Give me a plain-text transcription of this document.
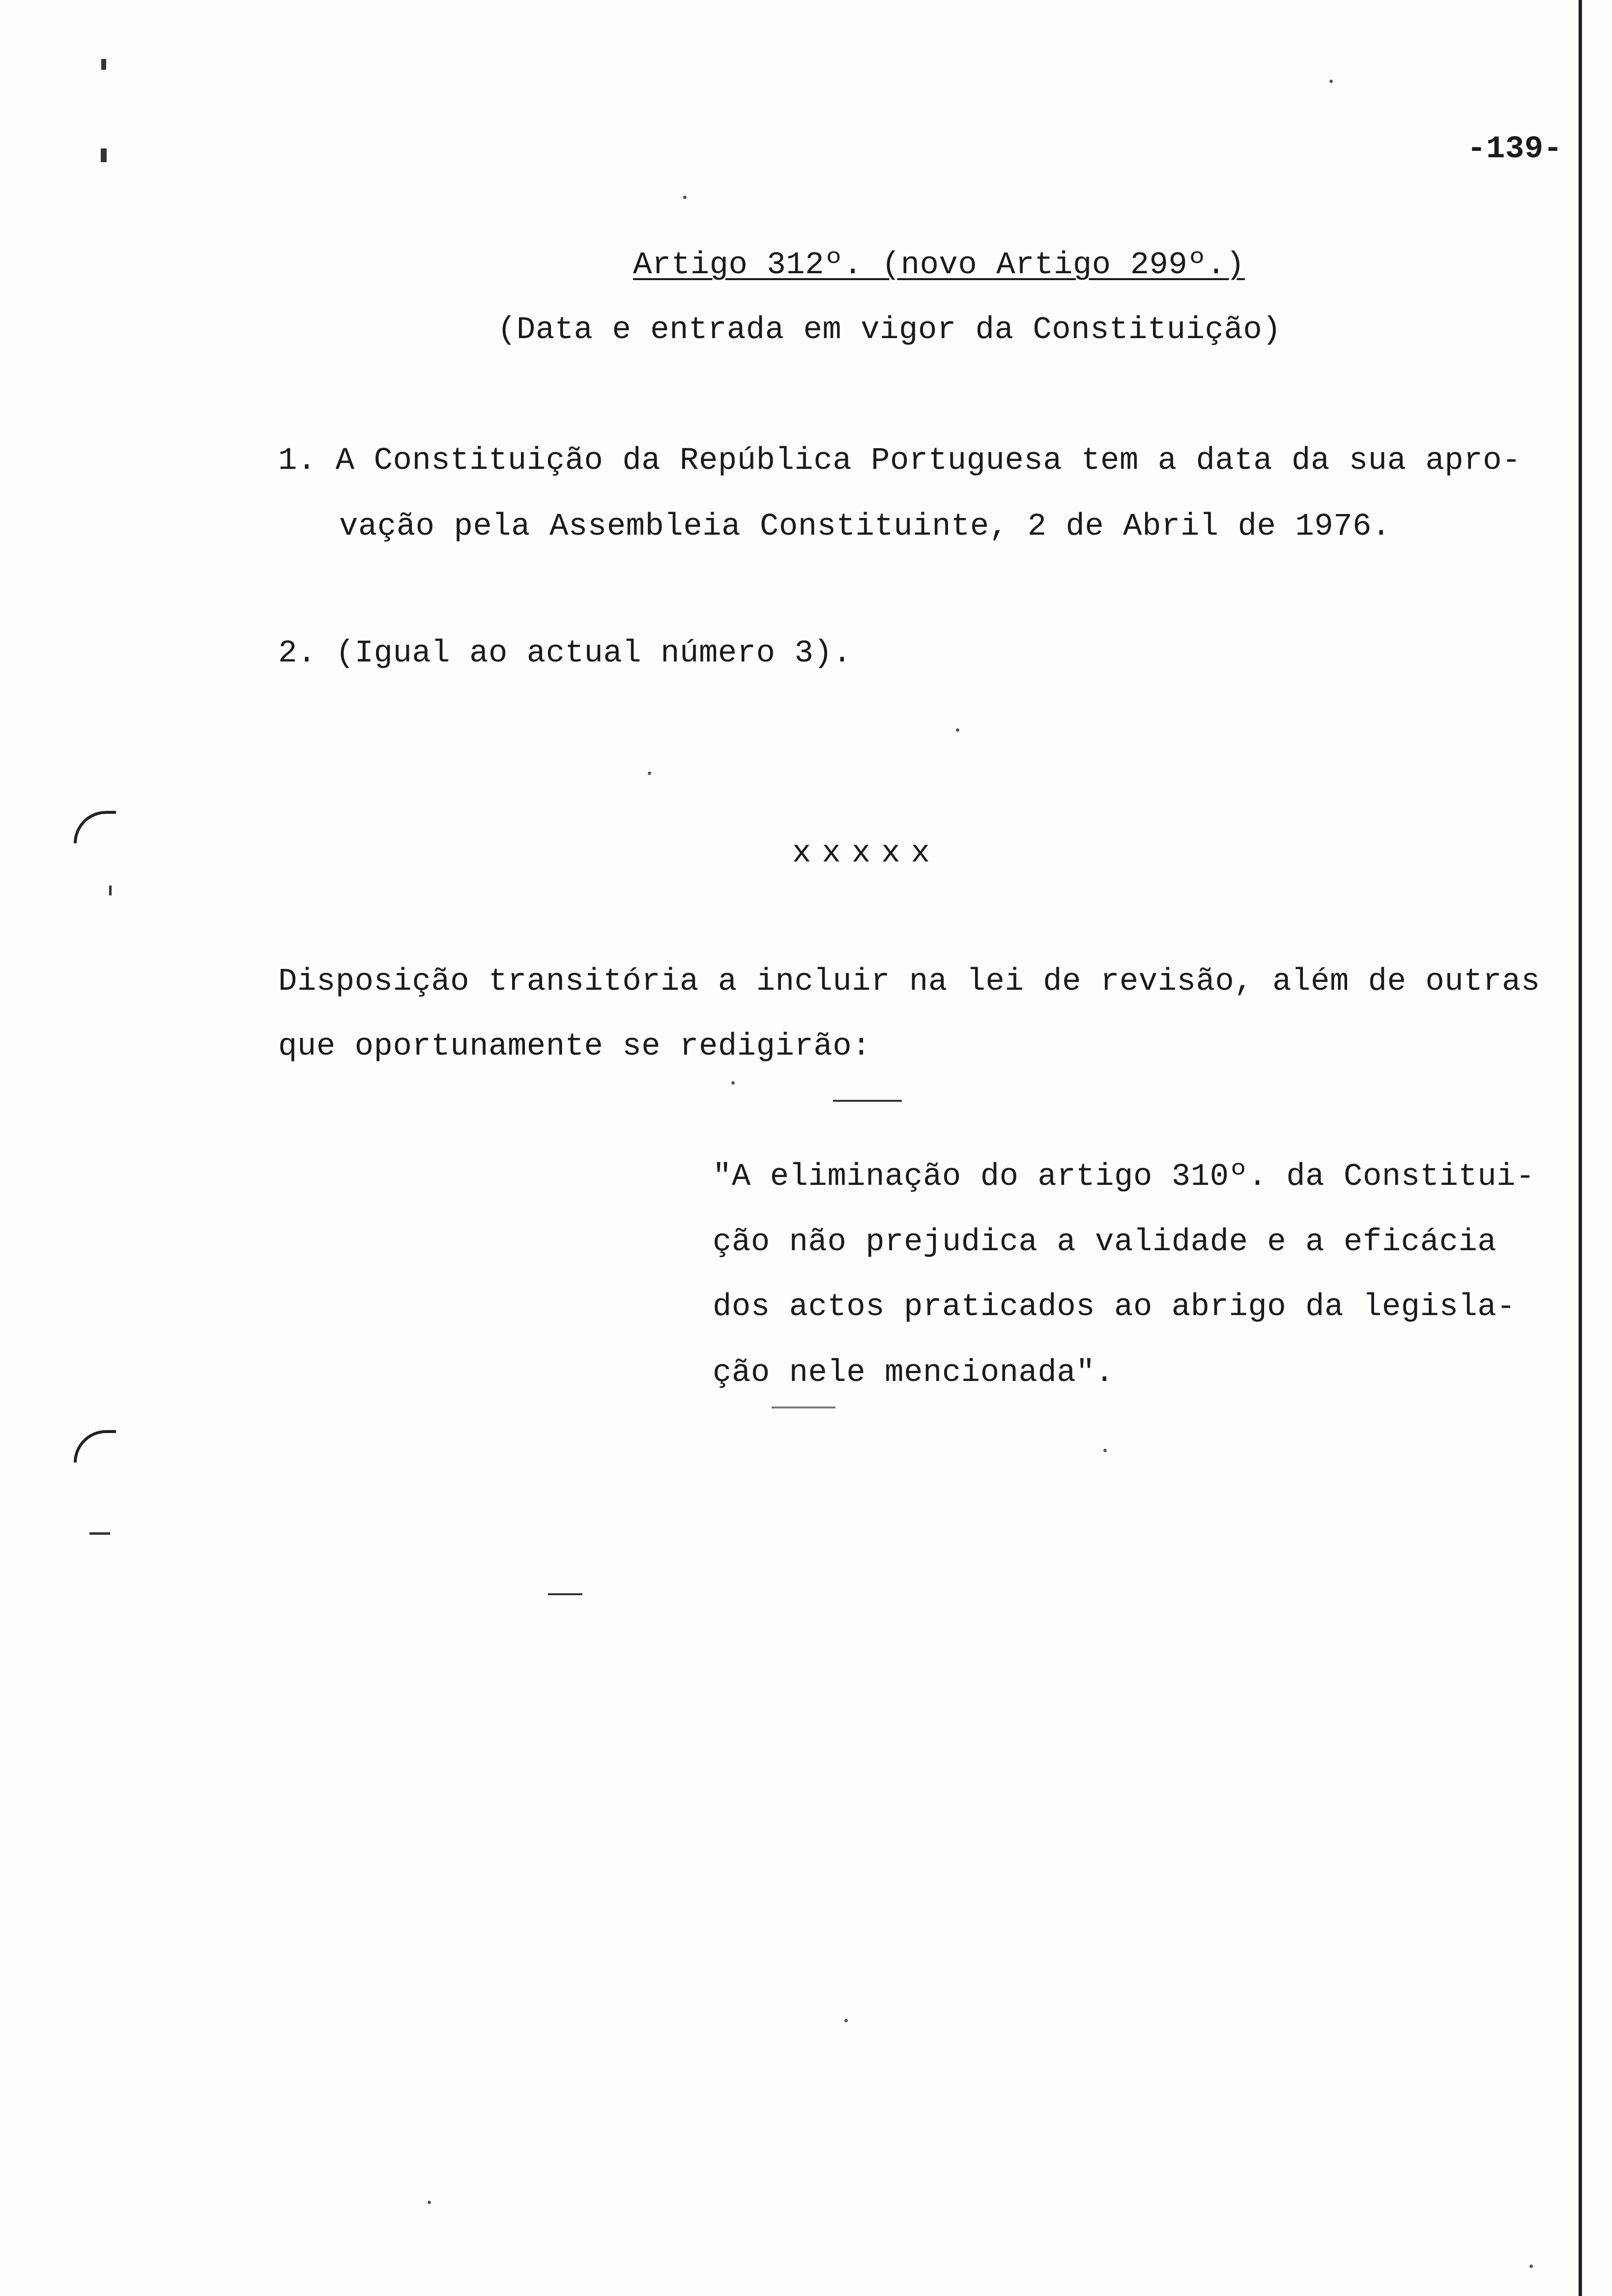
-139-
Artigo 312º. (novo Artigo 299º.)
(Data e entrada em vigor da Constituição)
1. A Constituição da República Portuguesa tem a data da sua apro-
vação pela Assembleia Constituinte, 2 de Abril de 1976.
2. (Igual ao actual número 3).
xxxxx
Disposição transitória a incluir na lei de revisão, além de outras
que oportunamente se redigirão:
"A eliminação do artigo 310º. da Constitui-
ção não prejudica a validade e a eficácia
dos actos praticados ao abrigo da legisla-
ção nele mencionada".
